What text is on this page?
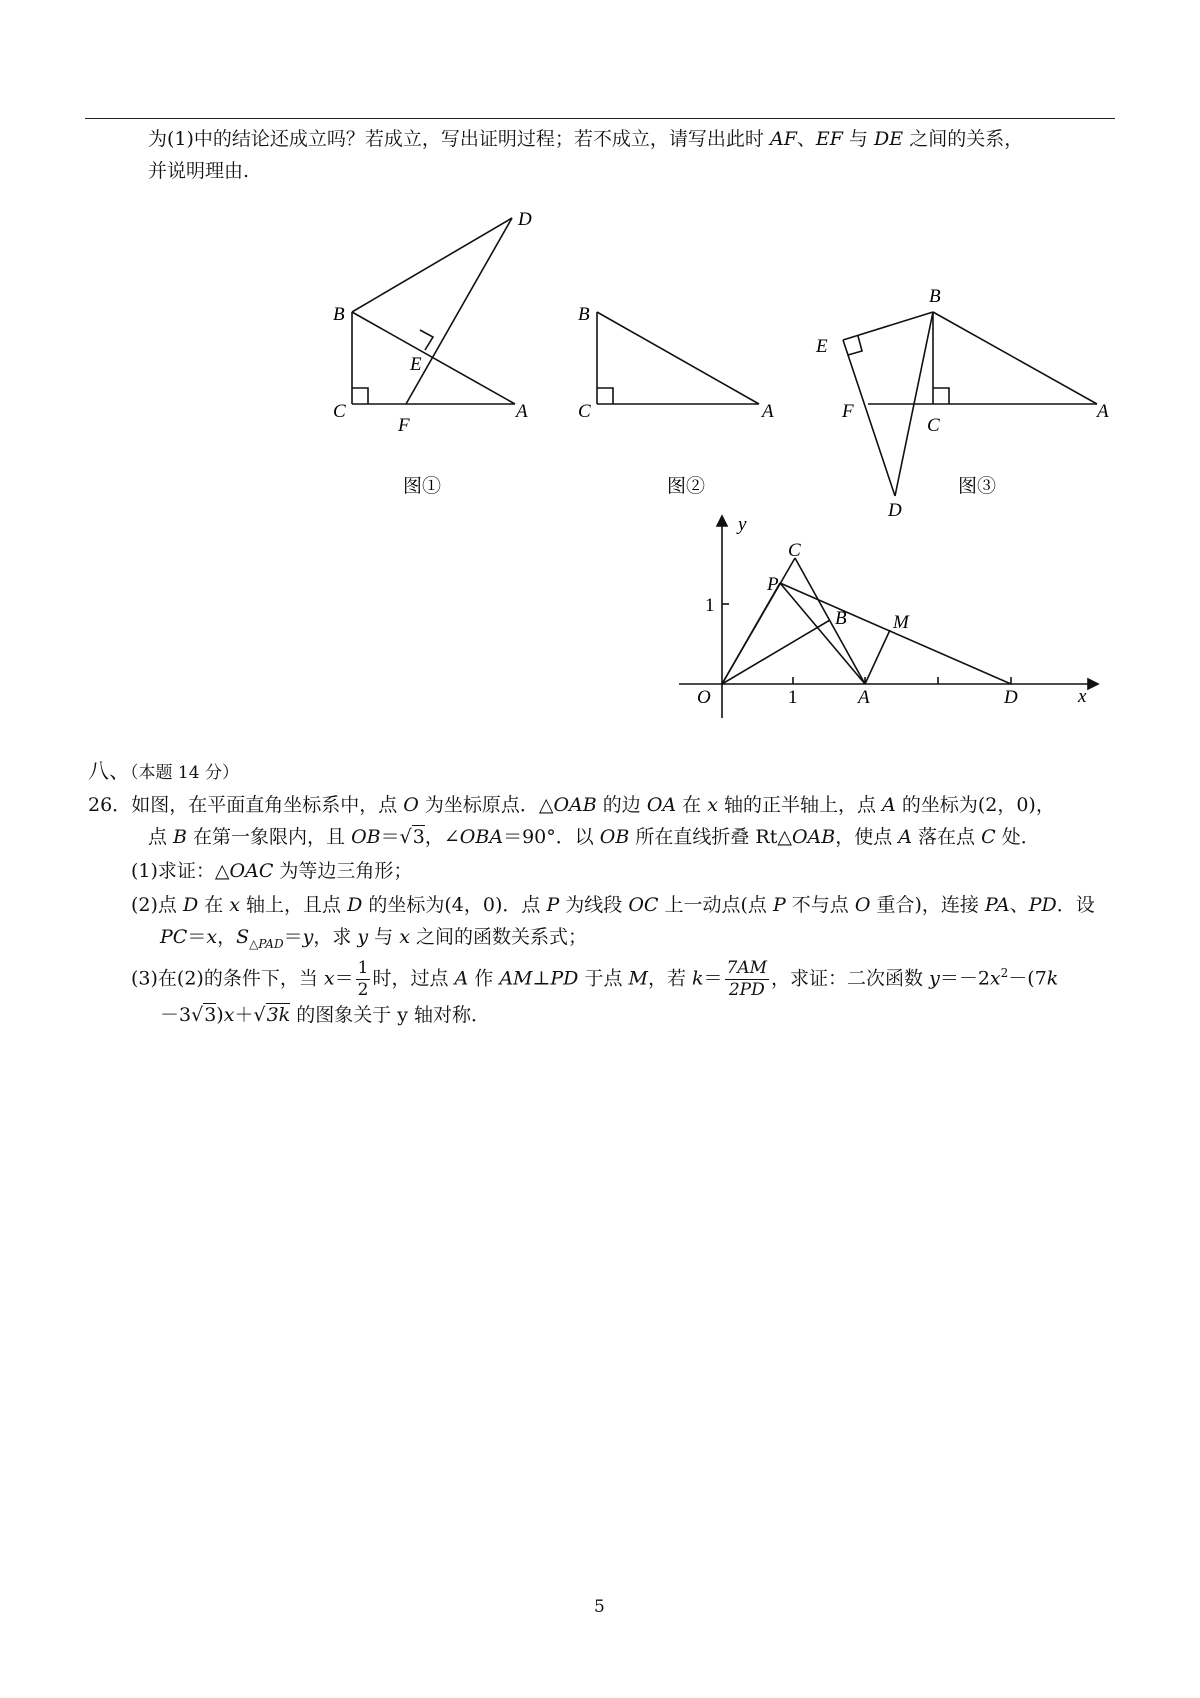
为(1)中的结论还成立吗？若成立，写出证明过程；若不成立，请写出此时 AF、EF 与 DE 之间的关系，
并说明理由.
D
B
E
C
F
A
图①
B
C	A
图②
B
E
F
C
A
D
图③
y
x
O
C
P
B M
A	D
1
1
八、（本题 14 分）
26．如图，在平面直角坐标系中，点 O 为坐标原点．△OAB 的边 OA 在 x 轴的正半轴上，点 A 的坐标为(2，0)，
点 B 在第一象限内，且 OB＝√3，∠OBA＝90°．以 OB 所在直线折叠 Rt△OAB，使点 A 落在点 C 处．
(1)求证：△OAC 为等边三角形；
(2)点 D 在 x 轴上，且点 D 的坐标为(4，0)．点 P 为线段 OC 上一动点(点 P 不与点 O 重合)，连接 PA、PD．设
PC＝x，$S_{\triangle PAD}=y$，求 y 与 x 之间的函数关系式；
(3)在(2)的条件下，当 $x= \frac{1}{2}$ 时，过点 A 作 AM⊥PD 于点 M，若 $k= \frac{7AM}{2PD}$ ，求证：二次函数 $y=-2x^2-(7k$
－3√3)x＋√3k 的图象关于 y 轴对称．
5
